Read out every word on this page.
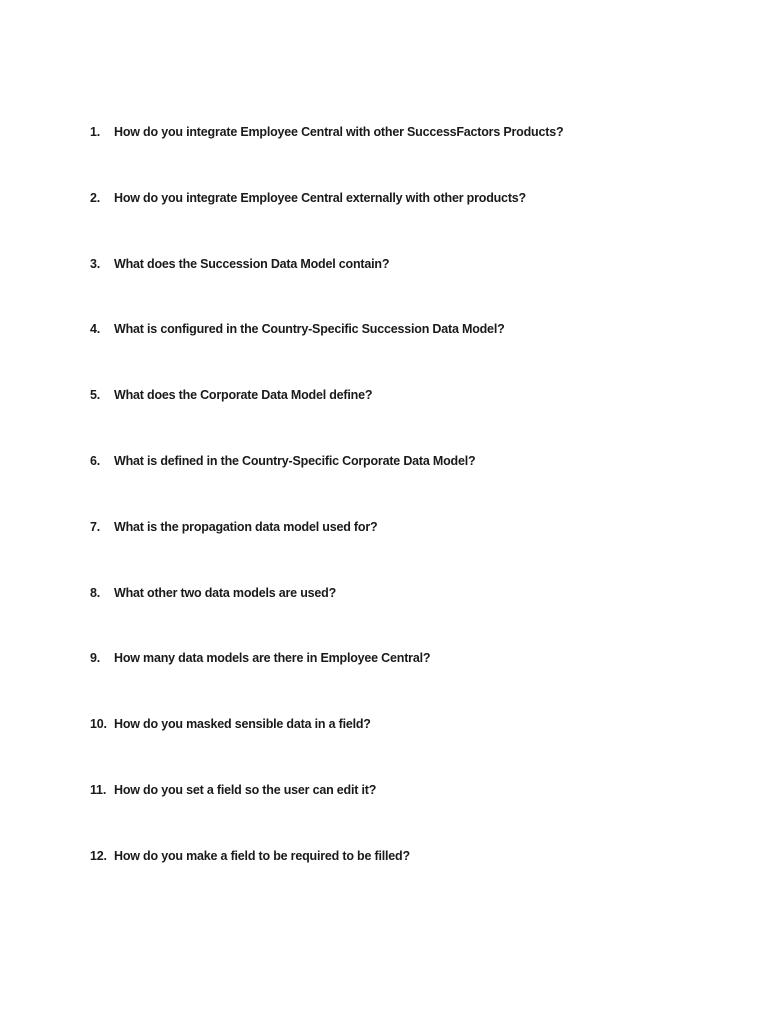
1.	How do you integrate Employee Central with other SuccessFactors Products?
2.	How do you integrate Employee Central externally with other products?
3.	What does the Succession Data Model contain?
4.	What is configured in the Country-Specific Succession Data Model?
5.	What does the Corporate Data Model define?
6.	What is defined in the Country-Specific Corporate Data Model?
7.	What is the propagation data model used for?
8.	What other two data models are used?
9.	How many data models are there in Employee Central?
10. How do you masked sensible data in a field?
11. How do you set a field so the user can edit it?
12. How do you make a field to be required to be filled?
